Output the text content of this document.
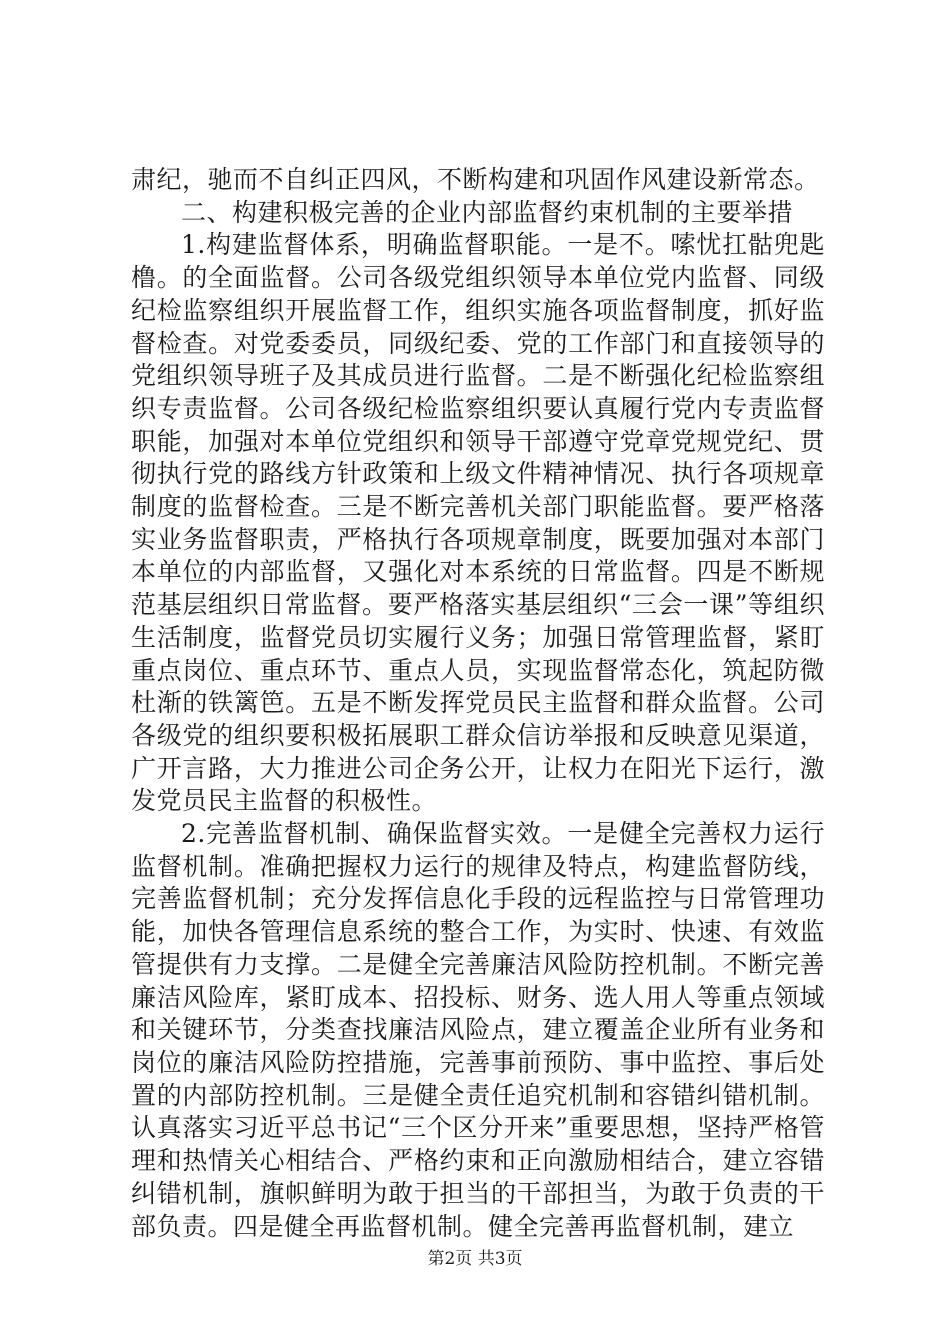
肃纪，驰而不自纠正四风，不断构建和巩固作风建设新常态。

二、构建积极完善的企业内部监督约束机制的主要举措

1.构建监督体系，明确监督职能。一是不。嗦忧扛骷兜匙橹。的全面监督。公司各级党组织领导本单位党内监督、同级纪检监察组织开展监督工作，组织实施各项监督制度，抓好监督检查。对党委委员，同级纪委、党的工作部门和直接领导的党组织领导班子及其成员进行监督。二是不断强化纪检监察组织专责监督。公司各级纪检监察组织要认真履行党内专责监督职能，加强对本单位党组织和领导干部遵守党章党规党纪、贯彻执行党的路线方针政策和上级文件精神情况、执行各项规章制度的监督检查。三是不断完善机关部门职能监督。要严格落实业务监督职责，严格执行各项规章制度，既要加强对本部门本单位的内部监督，又强化对本系统的日常监督。四是不断规范基层组织日常监督。要严格落实基层组织“三会一课”等组织生活制度，监督党员切实履行义务；加强日常管理监督，紧盯重点岗位、重点环节、重点人员，实现监督常态化，筑起防微杜渐的铁篱笆。五是不断发挥党员民主监督和群众监督。公司各级党的组织要积极拓展职工群众信访举报和反映意见渠道，广开言路，大力推进公司企务公开，让权力在阳光下运行，激发党员民主监督的积极性。

2.完善监督机制、确保监督实效。一是健全完善权力运行监督机制。准确把握权力运行的规律及特点，构建监督防线，完善监督机制；充分发挥信息化手段的远程监控与日常管理功能，加快各管理信息系统的整合工作，为实时、快速、有效监管提供有力支撑。二是健全完善廉洁风险防控机制。不断完善廉洁风险库，紧盯成本、招投标、财务、选人用人等重点领域和关键环节，分类查找廉洁风险点，建立覆盖企业所有业务和岗位的廉洁风险防控措施，完善事前预防、事中监控、事后处置的内部防控机制。三是健全责任追究机制和容错纠错机制。认真落实习近平总书记“三个区分开来”重要思想，坚持严格管理和热情关心相结合、严格约束和正向激励相结合，建立容错纠错机制，旗帜鲜明为敢于担当的干部担当，为敢于负责的干部负责。四是健全再监督机制。健全完善再监督机制，建立

第2页 共3页
